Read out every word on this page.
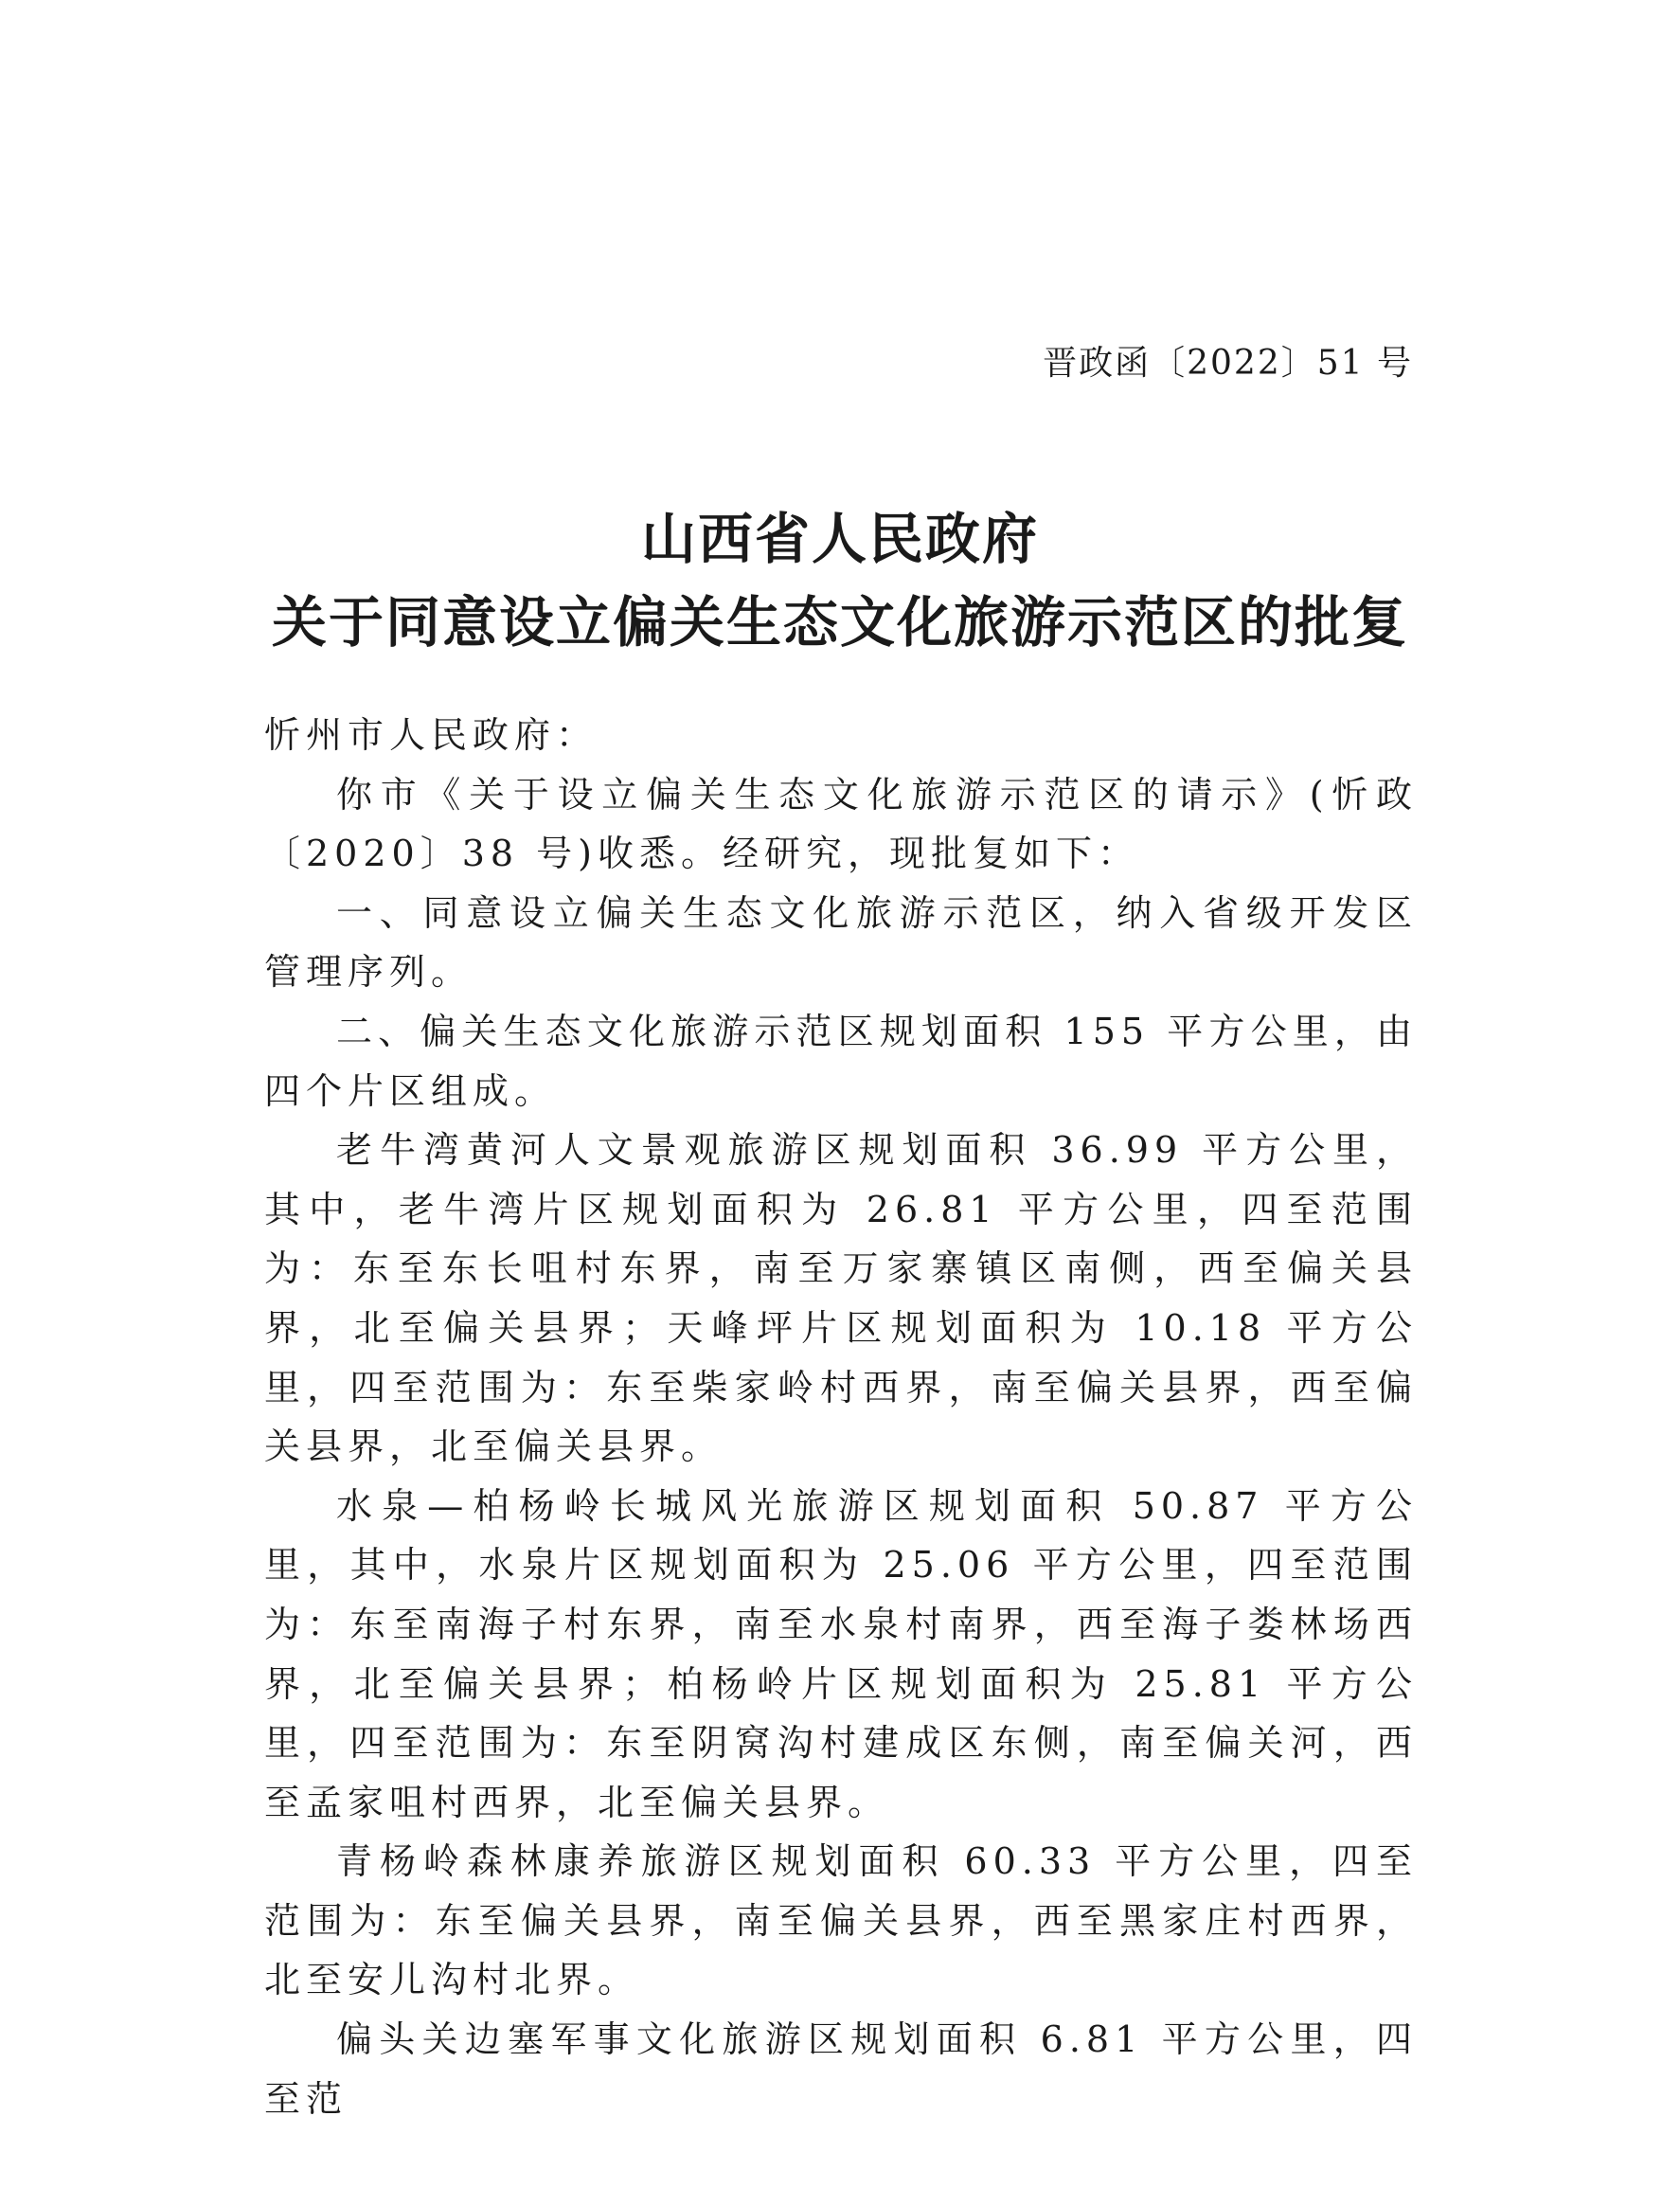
晋政函〔2022〕51 号
山西省人民政府
关于同意设立偏关生态文化旅游示范区的批复

忻州市人民政府：

你市《关于设立偏关生态文化旅游示范区的请示》(忻政〔2020〕38 号)收悉。经研究，现批复如下：

一、同意设立偏关生态文化旅游示范区，纳入省级开发区管理序列。

二、偏关生态文化旅游示范区规划面积 155 平方公里，由四个片区组成。

老牛湾黄河人文景观旅游区规划面积 36.99 平方公里，其中，老牛湾片区规划面积为 26.81 平方公里，四至范围为：东至东长咀村东界，南至万家寨镇区南侧，西至偏关县界，北至偏关县界；天峰坪片区规划面积为 10.18 平方公里，四至范围为：东至柴家岭村西界，南至偏关县界，西至偏关县界，北至偏关县界。

水泉—柏杨岭长城风光旅游区规划面积 50.87 平方公里，其中，水泉片区规划面积为 25.06 平方公里，四至范围为：东至南海子村东界，南至水泉村南界，西至海子娄林场西界，北至偏关县界；柏杨岭片区规划面积为 25.81 平方公里，四至范围为：东至阴窝沟村建成区东侧，南至偏关河，西至孟家咀村西界，北至偏关县界。

青杨岭森林康养旅游区规划面积 60.33 平方公里，四至范围为：东至偏关县界，南至偏关县界，西至黑家庄村西界，北至安儿沟村北界。

偏头关边塞军事文化旅游区规划面积 6.81 平方公里，四至范
